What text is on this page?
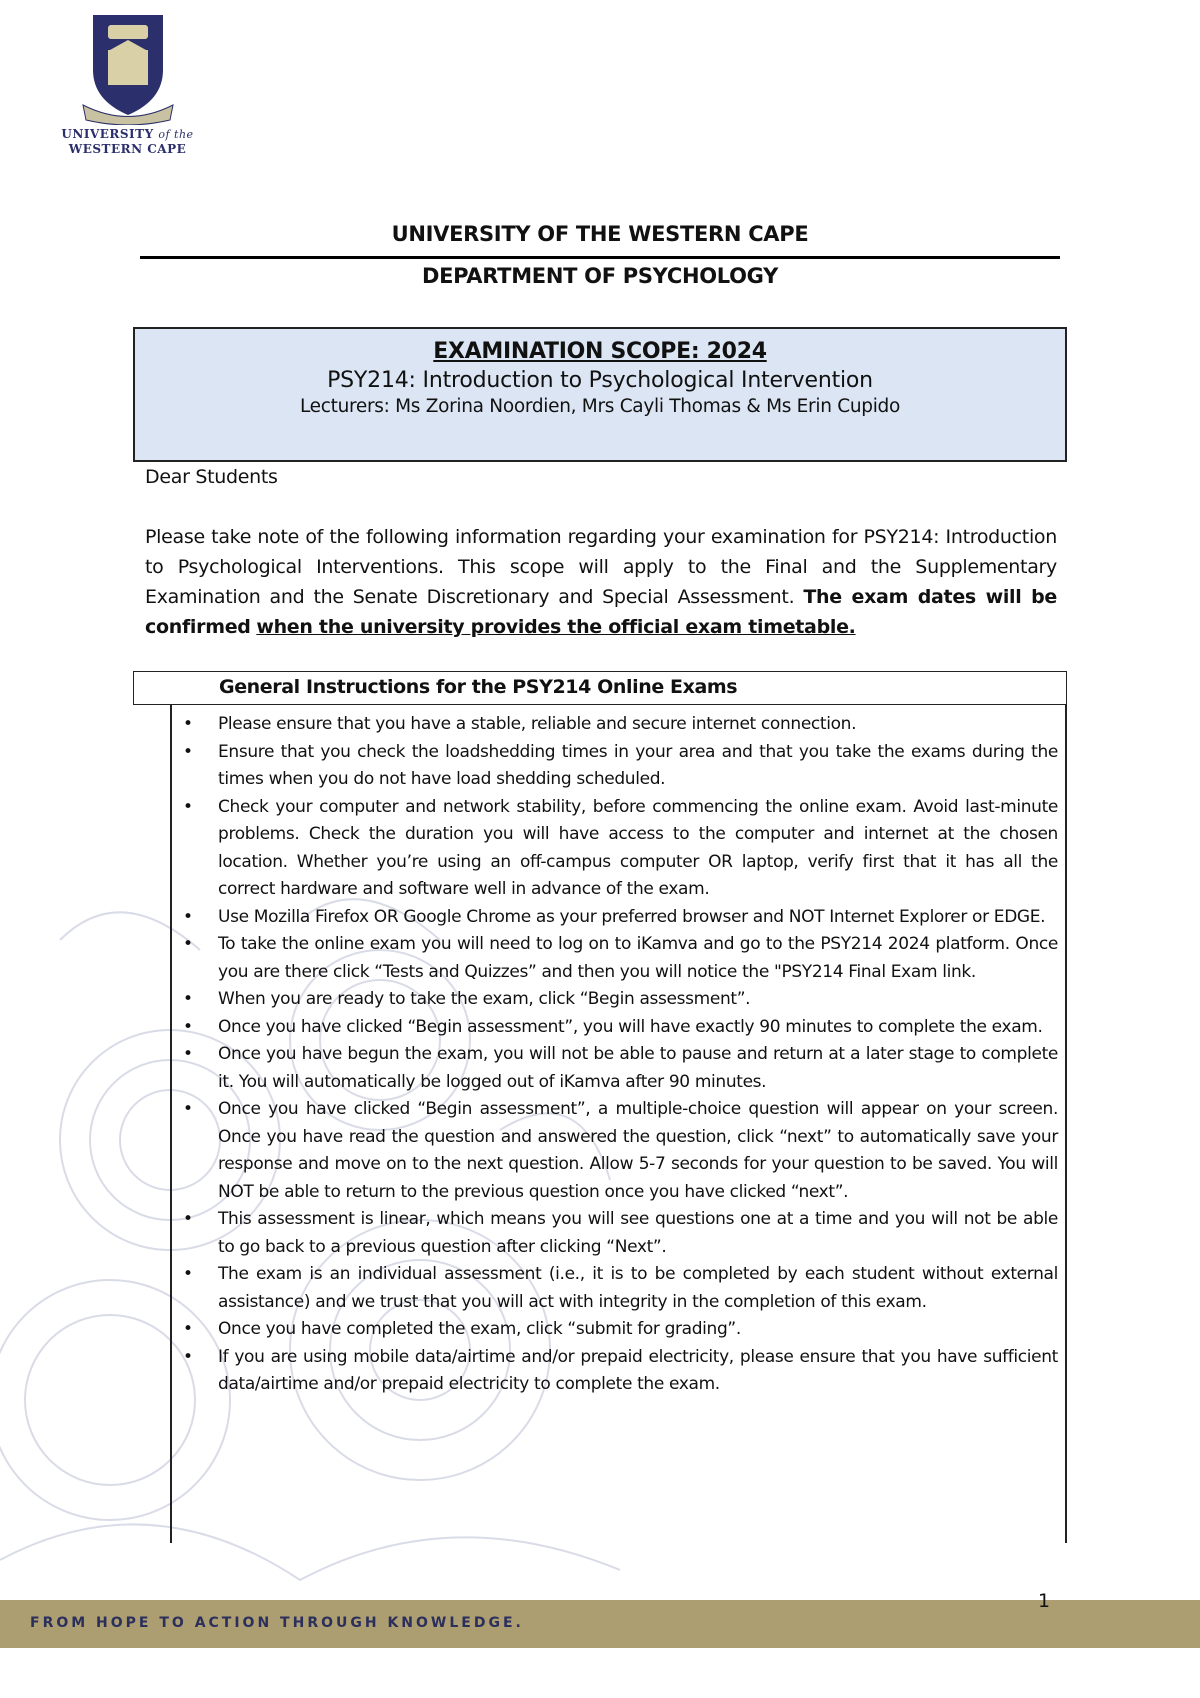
UNIVERSITY of the
WESTERN CAPE
UNIVERSITY OF THE WESTERN CAPE
DEPARTMENT OF PSYCHOLOGY
EXAMINATION SCOPE: 2024
PSY214: Introduction to Psychological Intervention
Lecturers: Ms Zorina Noordien, Mrs Cayli Thomas & Ms Erin Cupido
Dear Students
Please take note of the following information regarding your examination for PSY214: Introduction to Psychological Interventions. This scope will apply to the Final and the Supplementary Examination and the Senate Discretionary and Special Assessment. The exam dates will be confirmed when the university provides the official exam timetable.
General Instructions for the PSY214 Online Exams
• Please ensure that you have a stable, reliable and secure internet connection.
• Ensure that you check the loadshedding times in your area and that you take the exams during the times when you do not have load shedding scheduled.
• Check your computer and network stability, before commencing the online exam. Avoid last-minute problems. Check the duration you will have access to the computer and internet at the chosen location. Whether you’re using an off-campus computer OR laptop, verify first that it has all the correct hardware and software well in advance of the exam.
• Use Mozilla Firefox OR Google Chrome as your preferred browser and NOT Internet Explorer or EDGE.
• To take the online exam you will need to log on to iKamva and go to the PSY214 2024 platform. Once you are there click “Tests and Quizzes” and then you will notice the "PSY214 Final Exam link.
• When you are ready to take the exam, click “Begin assessment”.
• Once you have clicked “Begin assessment”, you will have exactly 90 minutes to complete the exam.
• Once you have begun the exam, you will not be able to pause and return at a later stage to complete it. You will automatically be logged out of iKamva after 90 minutes.
• Once you have clicked “Begin assessment”, a multiple-choice question will appear on your screen. Once you have read the question and answered the question, click “next” to automatically save your response and move on to the next question. Allow 5-7 seconds for your question to be saved. You will NOT be able to return to the previous question once you have clicked “next”.
• This assessment is linear, which means you will see questions one at a time and you will not be able to go back to a previous question after clicking “Next”.
• The exam is an individual assessment (i.e., it is to be completed by each student without external assistance) and we trust that you will act with integrity in the completion of this exam.
• Once you have completed the exam, click “submit for grading”.
• If you are using mobile data/airtime and/or prepaid electricity, please ensure that you have sufficient data/airtime and/or prepaid electricity to complete the exam.
FROM HOPE TO ACTION THROUGH KNOWLEDGE.
1
